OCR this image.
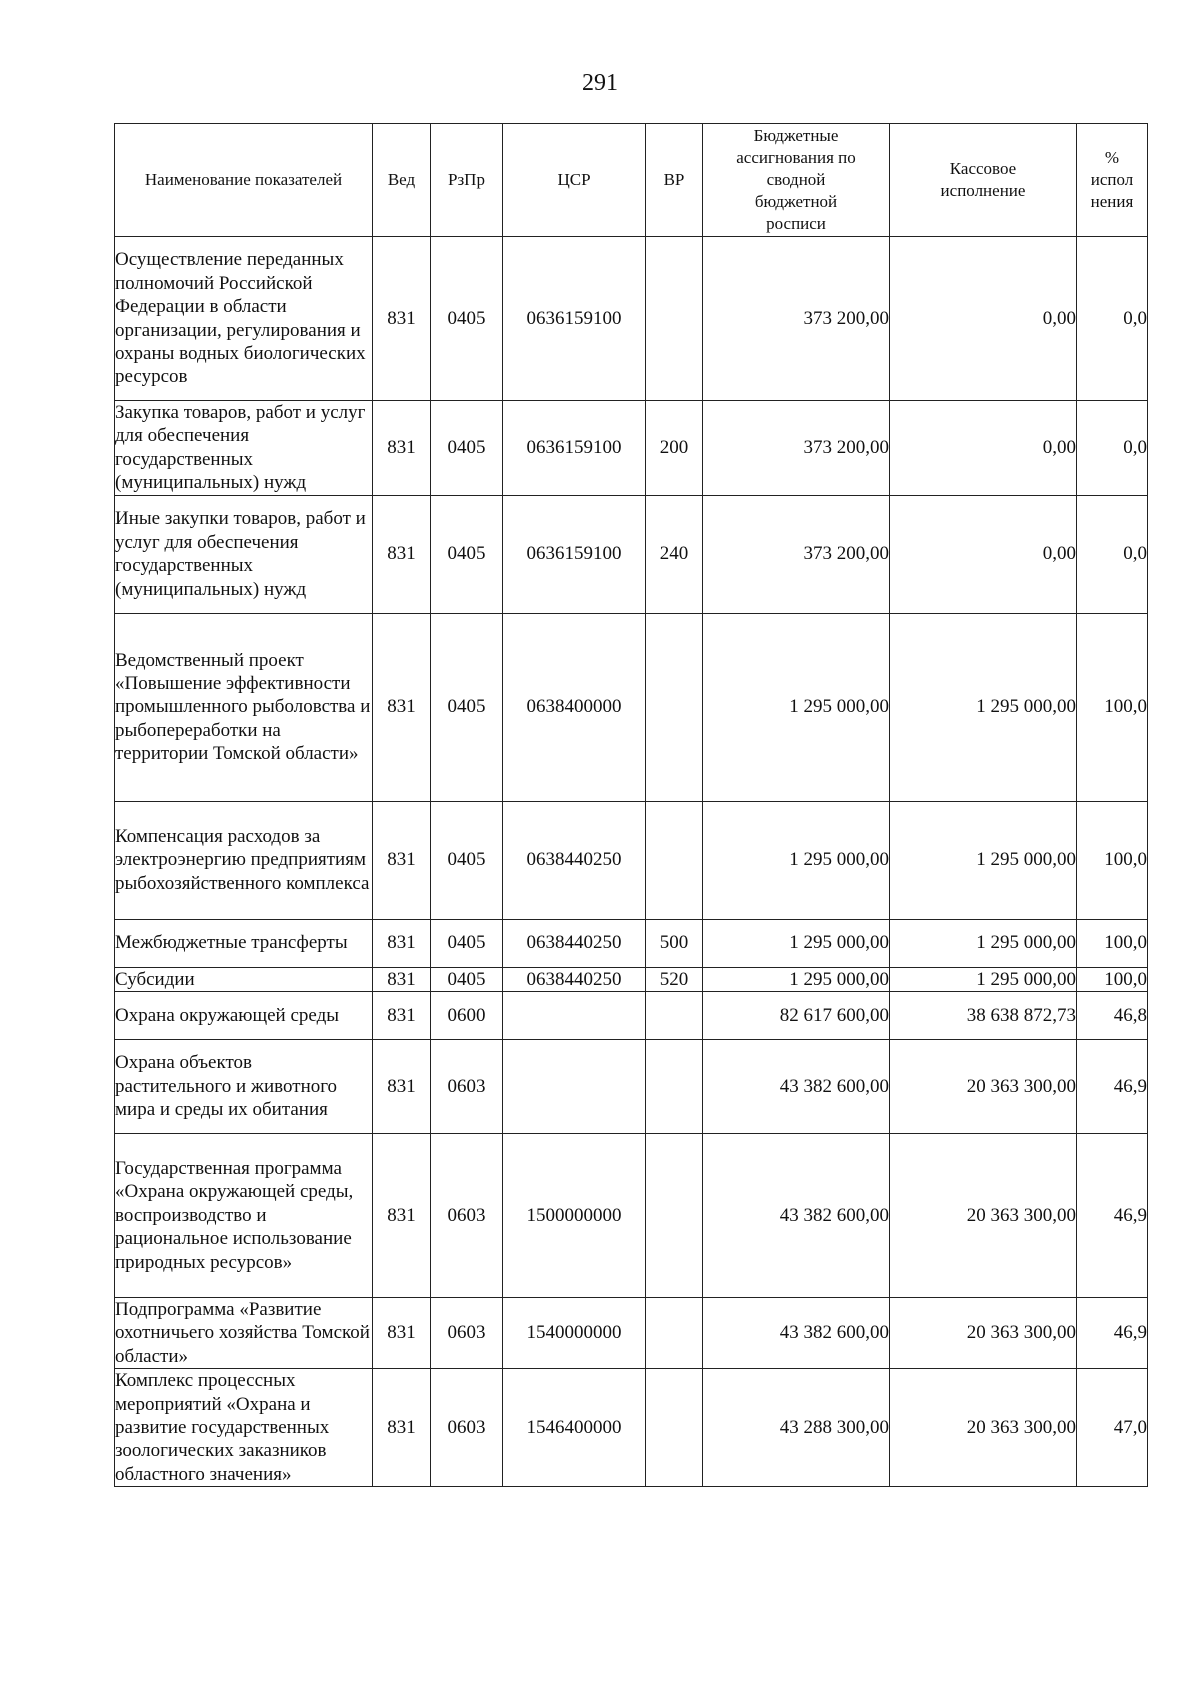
291
Наименование показателей	Вед	РзПр	ЦСР	ВР	Бюджетные ассигнования по сводной бюджетной росписи	Кассовое исполнение	% испол нения
Осуществление переданных полномочий Российской Федерации в области организации, регулирования и охраны водных биологических ресурсов	831	0405	0636159100		373 200,00	0,00	0,0
Закупка товаров, работ и услуг для обеспечения государственных (муниципальных) нужд	831	0405	0636159100	200	373 200,00	0,00	0,0
Иные закупки товаров, работ и услуг для обеспечения государственных (муниципальных) нужд	831	0405	0636159100	240	373 200,00	0,00	0,0
Ведомственный проект «Повышение эффективности промышленного рыболовства и рыбопереработки на территории Томской области»	831	0405	0638400000		1 295 000,00	1 295 000,00	100,0
Компенсация расходов за электроэнергию предприятиям рыбохозяйственного комплекса	831	0405	0638440250		1 295 000,00	1 295 000,00	100,0
Межбюджетные трансферты	831	0405	0638440250	500	1 295 000,00	1 295 000,00	100,0
Субсидии	831	0405	0638440250	520	1 295 000,00	1 295 000,00	100,0
Охрана окружающей среды	831	0600			82 617 600,00	38 638 872,73	46,8
Охрана объектов растительного и животного мира и среды их обитания	831	0603			43 382 600,00	20 363 300,00	46,9
Государственная программа «Охрана окружающей среды, воспроизводство и рациональное использование природных ресурсов»	831	0603	1500000000		43 382 600,00	20 363 300,00	46,9
Подпрограмма «Развитие охотничьего хозяйства Томской области»	831	0603	1540000000		43 382 600,00	20 363 300,00	46,9
Комплекс процессных мероприятий «Охрана и развитие государственных зоологических заказников областного значения»	831	0603	1546400000		43 288 300,00	20 363 300,00	47,0
